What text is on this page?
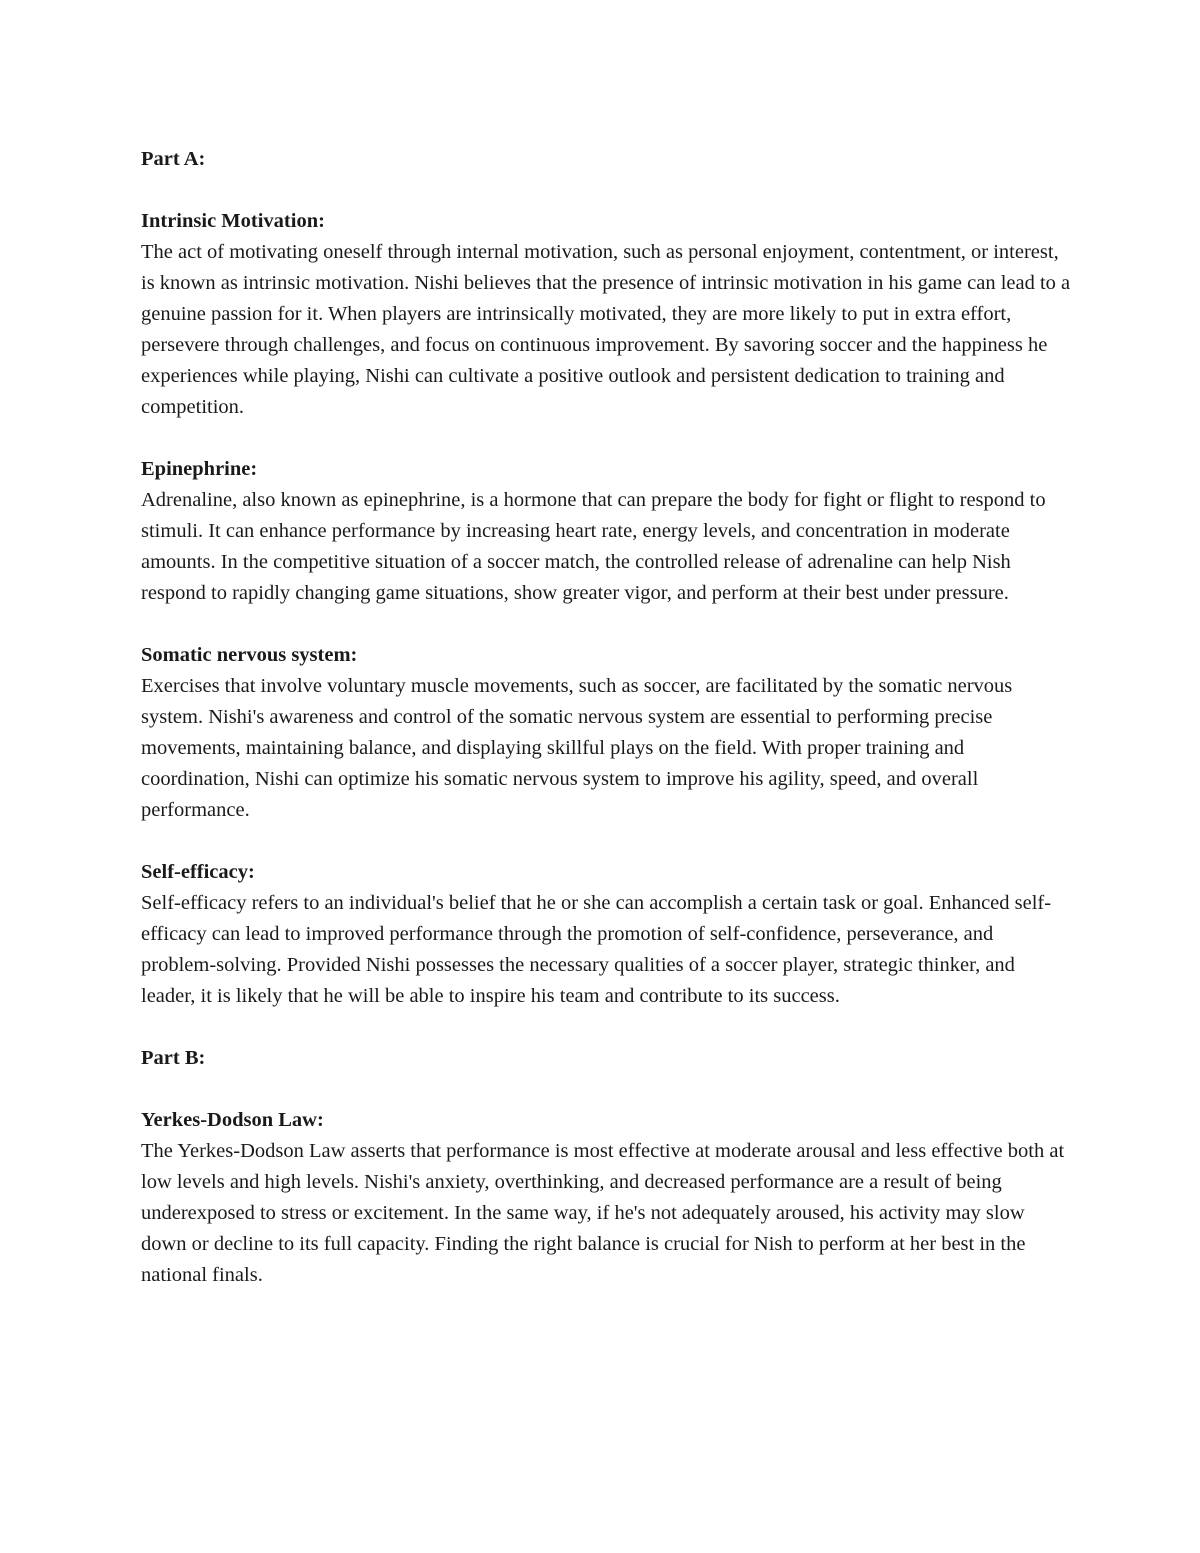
Part A:

Intrinsic Motivation:

The act of motivating oneself through internal motivation, such as personal enjoyment, contentment, or interest, is known as intrinsic motivation. Nishi believes that the presence of intrinsic motivation in his game can lead to a genuine passion for it. When players are intrinsically motivated, they are more likely to put in extra effort, persevere through challenges, and focus on continuous improvement. By savoring soccer and the happiness he experiences while playing, Nishi can cultivate a positive outlook and persistent dedication to training and competition.

Epinephrine:

Adrenaline, also known as epinephrine, is a hormone that can prepare the body for fight or flight to respond to stimuli. It can enhance performance by increasing heart rate, energy levels, and concentration in moderate amounts. In the competitive situation of a soccer match, the controlled release of adrenaline can help Nish respond to rapidly changing game situations, show greater vigor, and perform at their best under pressure.

Somatic nervous system:

Exercises that involve voluntary muscle movements, such as soccer, are facilitated by the somatic nervous system. Nishi's awareness and control of the somatic nervous system are essential to performing precise movements, maintaining balance, and displaying skillful plays on the field. With proper training and coordination, Nishi can optimize his somatic nervous system to improve his agility, speed, and overall performance.

Self-efficacy:

Self-efficacy refers to an individual's belief that he or she can accomplish a certain task or goal. Enhanced self-efficacy can lead to improved performance through the promotion of self-confidence, perseverance, and problem-solving. Provided Nishi possesses the necessary qualities of a soccer player, strategic thinker, and leader, it is likely that he will be able to inspire his team and contribute to its success.

Part B:

Yerkes-Dodson Law:

The Yerkes-Dodson Law asserts that performance is most effective at moderate arousal and less effective both at low levels and high levels. Nishi's anxiety, overthinking, and decreased performance are a result of being underexposed to stress or excitement. In the same way, if he's not adequately aroused, his activity may slow down or decline to its full capacity. Finding the right balance is crucial for Nish to perform at her best in the national finals.
